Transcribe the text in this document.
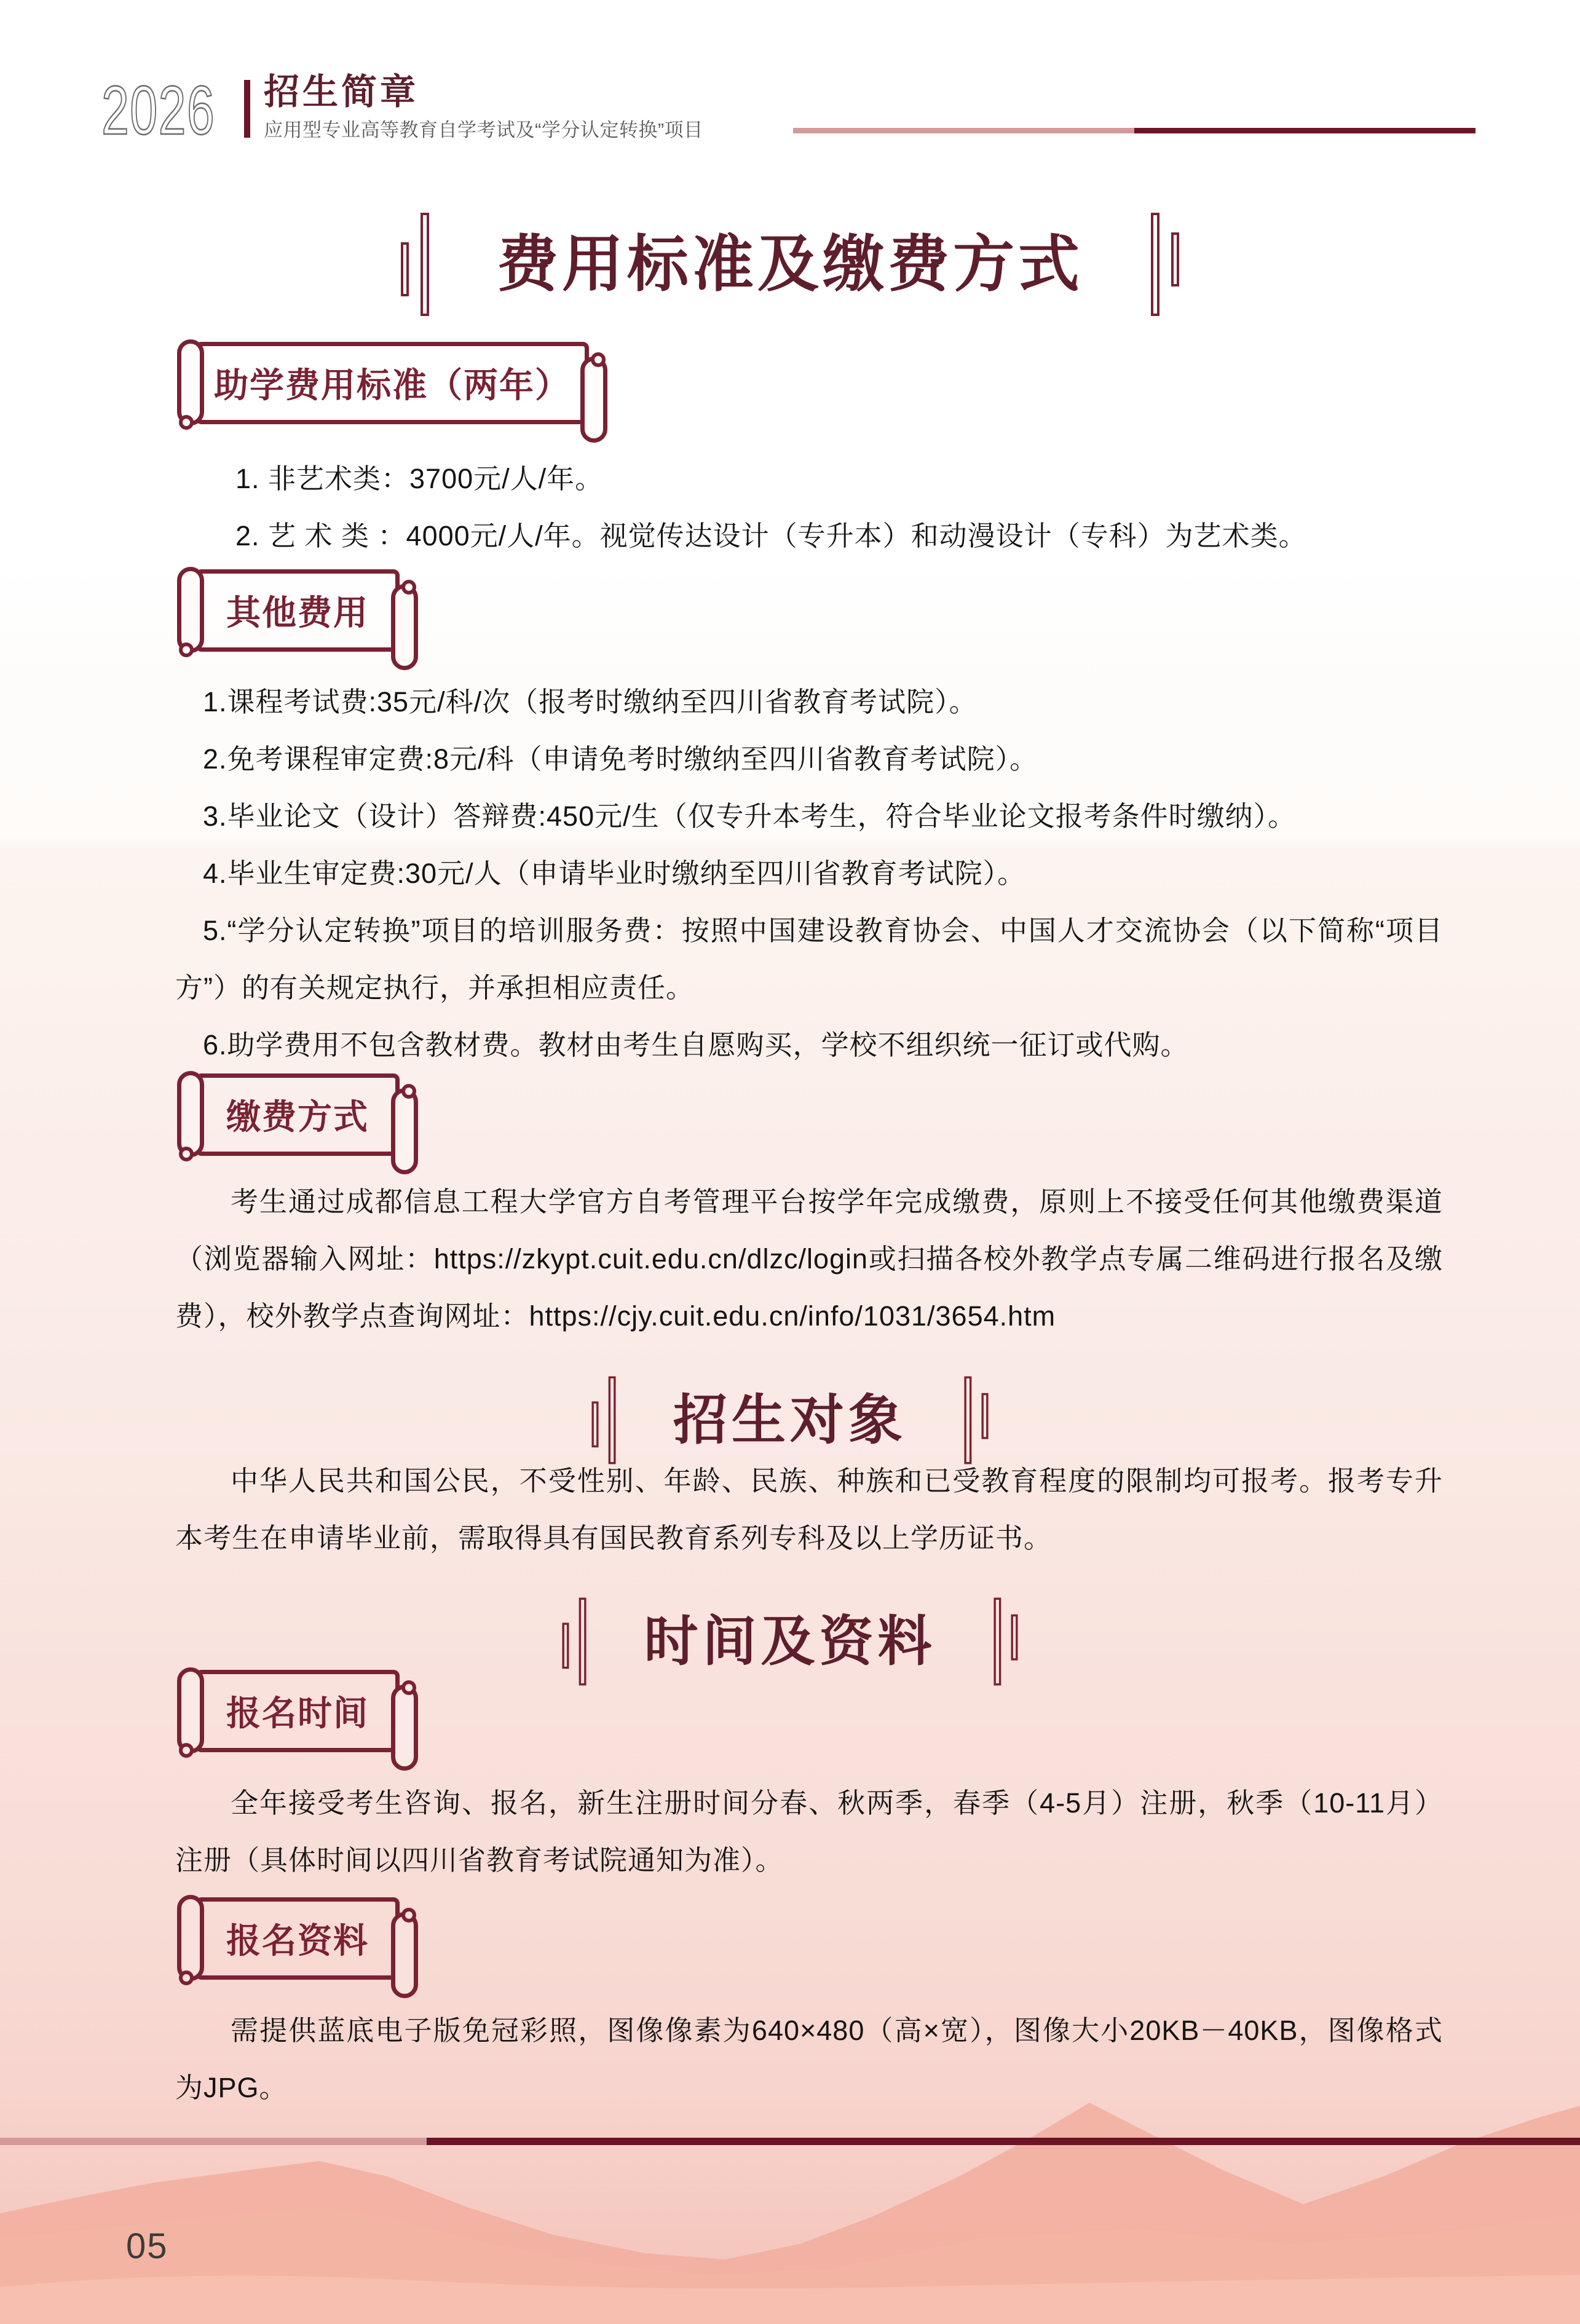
2026 招生简章
应用型专业高等教育自学考试及“学分认定转换”项目
费用标准及缴费方式
助学费用标准（两年）
1. 非艺术类：3700元/人/年。
2. 艺 术 类 ：4000元/人/年。视觉传达设计（专升本）和动漫设计（专科）为艺术类。
其他费用
1.课程考试费:35元/科/次（报考时缴纳至四川省教育考试院）。
2.免考课程审定费:8元/科（申请免考时缴纳至四川省教育考试院）。
3.毕业论文（设计）答辩费:450元/生（仅专升本考生，符合毕业论文报考条件时缴纳）。
4.毕业生审定费:30元/人（申请毕业时缴纳至四川省教育考试院）。
5.“学分认定转换”项目的培训服务费：按照中国建设教育协会、中国人才交流协会（以下简称“项目方”）的有关规定执行，并承担相应责任。
6.助学费用不包含教材费。教材由考生自愿购买，学校不组织统一征订或代购。
缴费方式

考生通过成都信息工程大学官方自考管理平台按学年完成缴费，原则上不接受任何其他缴费渠道（浏览器输入网址：https://zkypt.cuit.edu.cn/dlzc/login或扫描各校外教学点专属二维码进行报名及缴费），校外教学点查询网址：https://cjy.cuit.edu.cn/info/1031/3654.htm

招生对象

中华人民共和国公民，不受性别、年龄、民族、种族和已受教育程度的限制均可报考。报考专升本考生在申请毕业前，需取得具有国民教育系列专科及以上学历证书。

时间及资料
报名时间

全年接受考生咨询、报名，新生注册时间分春、秋两季，春季（4-5月）注册，秋季（10-11月）注册（具体时间以四川省教育考试院通知为准）。

报名资料

需提供蓝底电子版免冠彩照，图像像素为640×480（高×宽），图像大小20KB－40KB，图像格式为JPG。

05
